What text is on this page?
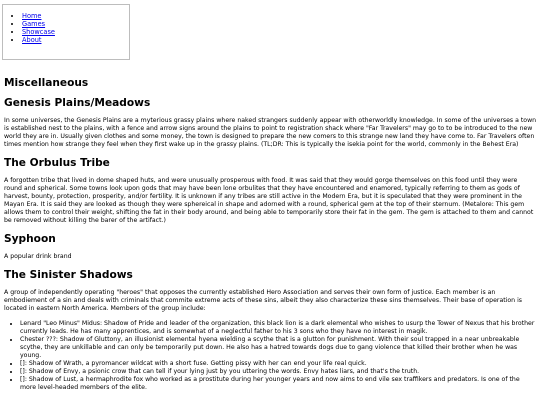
• Home
• Games
• Showcase
• About
Miscellaneous
Genesis Plains/Meadows

In some universes, the Genesis Plains are a myterious grassy plains where naked strangers suddenly appear with otherworldly knowledge. In some of the universes a town is established nest to the plains, with a fence and arrow signs around the plains to point to registration shack where "Far Travelers" may go to to be introduced to the new world they are in. Usually given clothes and some money, the town is designed to prepare the new comers to this strange new land they have come to. Far Travelers often times mention how strange they feel when they first wake up in the grassy plains. (TL;DR: This is typically the isekia point for the world, commonly in the Behest Era)

The Orbulus Tribe

A forgotten tribe that lived in dome shaped huts, and were unusually prosperous with food. It was said that they would gorge themselves on this food until they were round and spherical. Some towns look upon gods that may have been lone orbulites that they have encountered and enamored, typically referring to them as gods of harvest, bounty, protection, prosperity, and/or fertility. It is unknown if any tribes are still active in the Modern Era, but it is speculated that they were prominent in the Mayan Era. It is said they are looked as though they were sphereical in shape and adorned with a round, spherical gem at the top of their sternum. (Metalore: This gem allows them to control their weight, shifting the fat in their body around, and being able to temporarily store their fat in the gem. The gem is attached to them and cannot be removed without killing the barer of the artifact.)

Syphoon

A popular drink brand

The Sinister Shadows

A group of independently operating "heroes" that opposes the currently established Hero Association and serves their own form of justice. Each member is an embodiement of a sin and deals with criminals that commite extreme acts of these sins, albeit they also characterize these sins themselves. Their base of operation is located in eastern North America. Members of the group include:

• Lenard "Leo Minus" Midus: Shadow of Pride and leader of the organization, this black lion is a dark elemental who wishes to usurp the Tower of Nexus that his brother currently leads. He has many apprentices, and is somewhat of a neglectful father to his 3 sons who they have no interest in magik.
• Chester ???: Shadow of Gluttony, an illusionist elemental hyena wielding a scythe that is a glutton for punishment. With their soul trapped in a near unbreakable scythe, they are unkillable and can only be temporarily put down. He also has a hatred towards dogs due to gang violence that killed their brother when he was young.
• []: Shadow of Wrath, a pyromancer wildcat with a short fuse. Getting pissy with her can end your life real quick.
• []: Shadow of Envy, a psionic crow that can tell if your lying just by you uttering the words. Envy hates liars, and that's the truth.
• []: Shadow of Lust, a hermaphrodite fox who worked as a prostitute during her younger years and now aims to end vile sex traffikers and predators. Is one of the more level-headed members of the elite.
